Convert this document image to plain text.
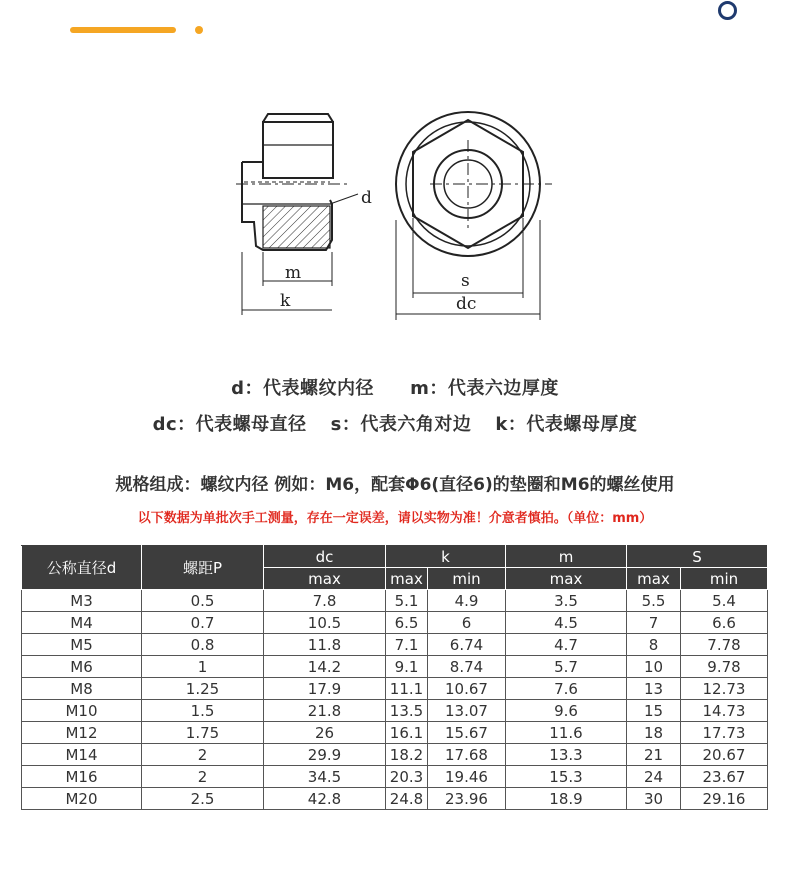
d
m
k
s
dc
d：代表螺纹内径 m：代表六边厚度
dc：代表螺母直径 s：代表六角对边 k：代表螺母厚度
规格组成：螺纹内径 例如：M6，配套Φ6(直径6)的垫圈和M6的螺丝使用
以下数据为单批次手工测量，存在一定误差，请以实物为准！介意者慎拍。（单位：mm）
公称直径d	螺距P	dc	k		m	S	
		max	max	min	max	max	min
M3	0.5	7.8	5.1	4.9	3.5	5.5	5.4
M4	0.7	10.5	6.5	6	4.5	7	6.6
M5	0.8	11.8	7.1	6.74	4.7	8	7.78
M6	1	14.2	9.1	8.74	5.7	10	9.78
M8	1.25	17.9	11.1	10.67	7.6	13	12.73
M10	1.5	21.8	13.5	13.07	9.6	15	14.73
M12	1.75	26	16.1	15.67	11.6	18	17.73
M14	2	29.9	18.2	17.68	13.3	21	20.67
M16	2	34.5	20.3	19.46	15.3	24	23.67
M20	2.5	42.8	24.8	23.96	18.9	30	29.16
